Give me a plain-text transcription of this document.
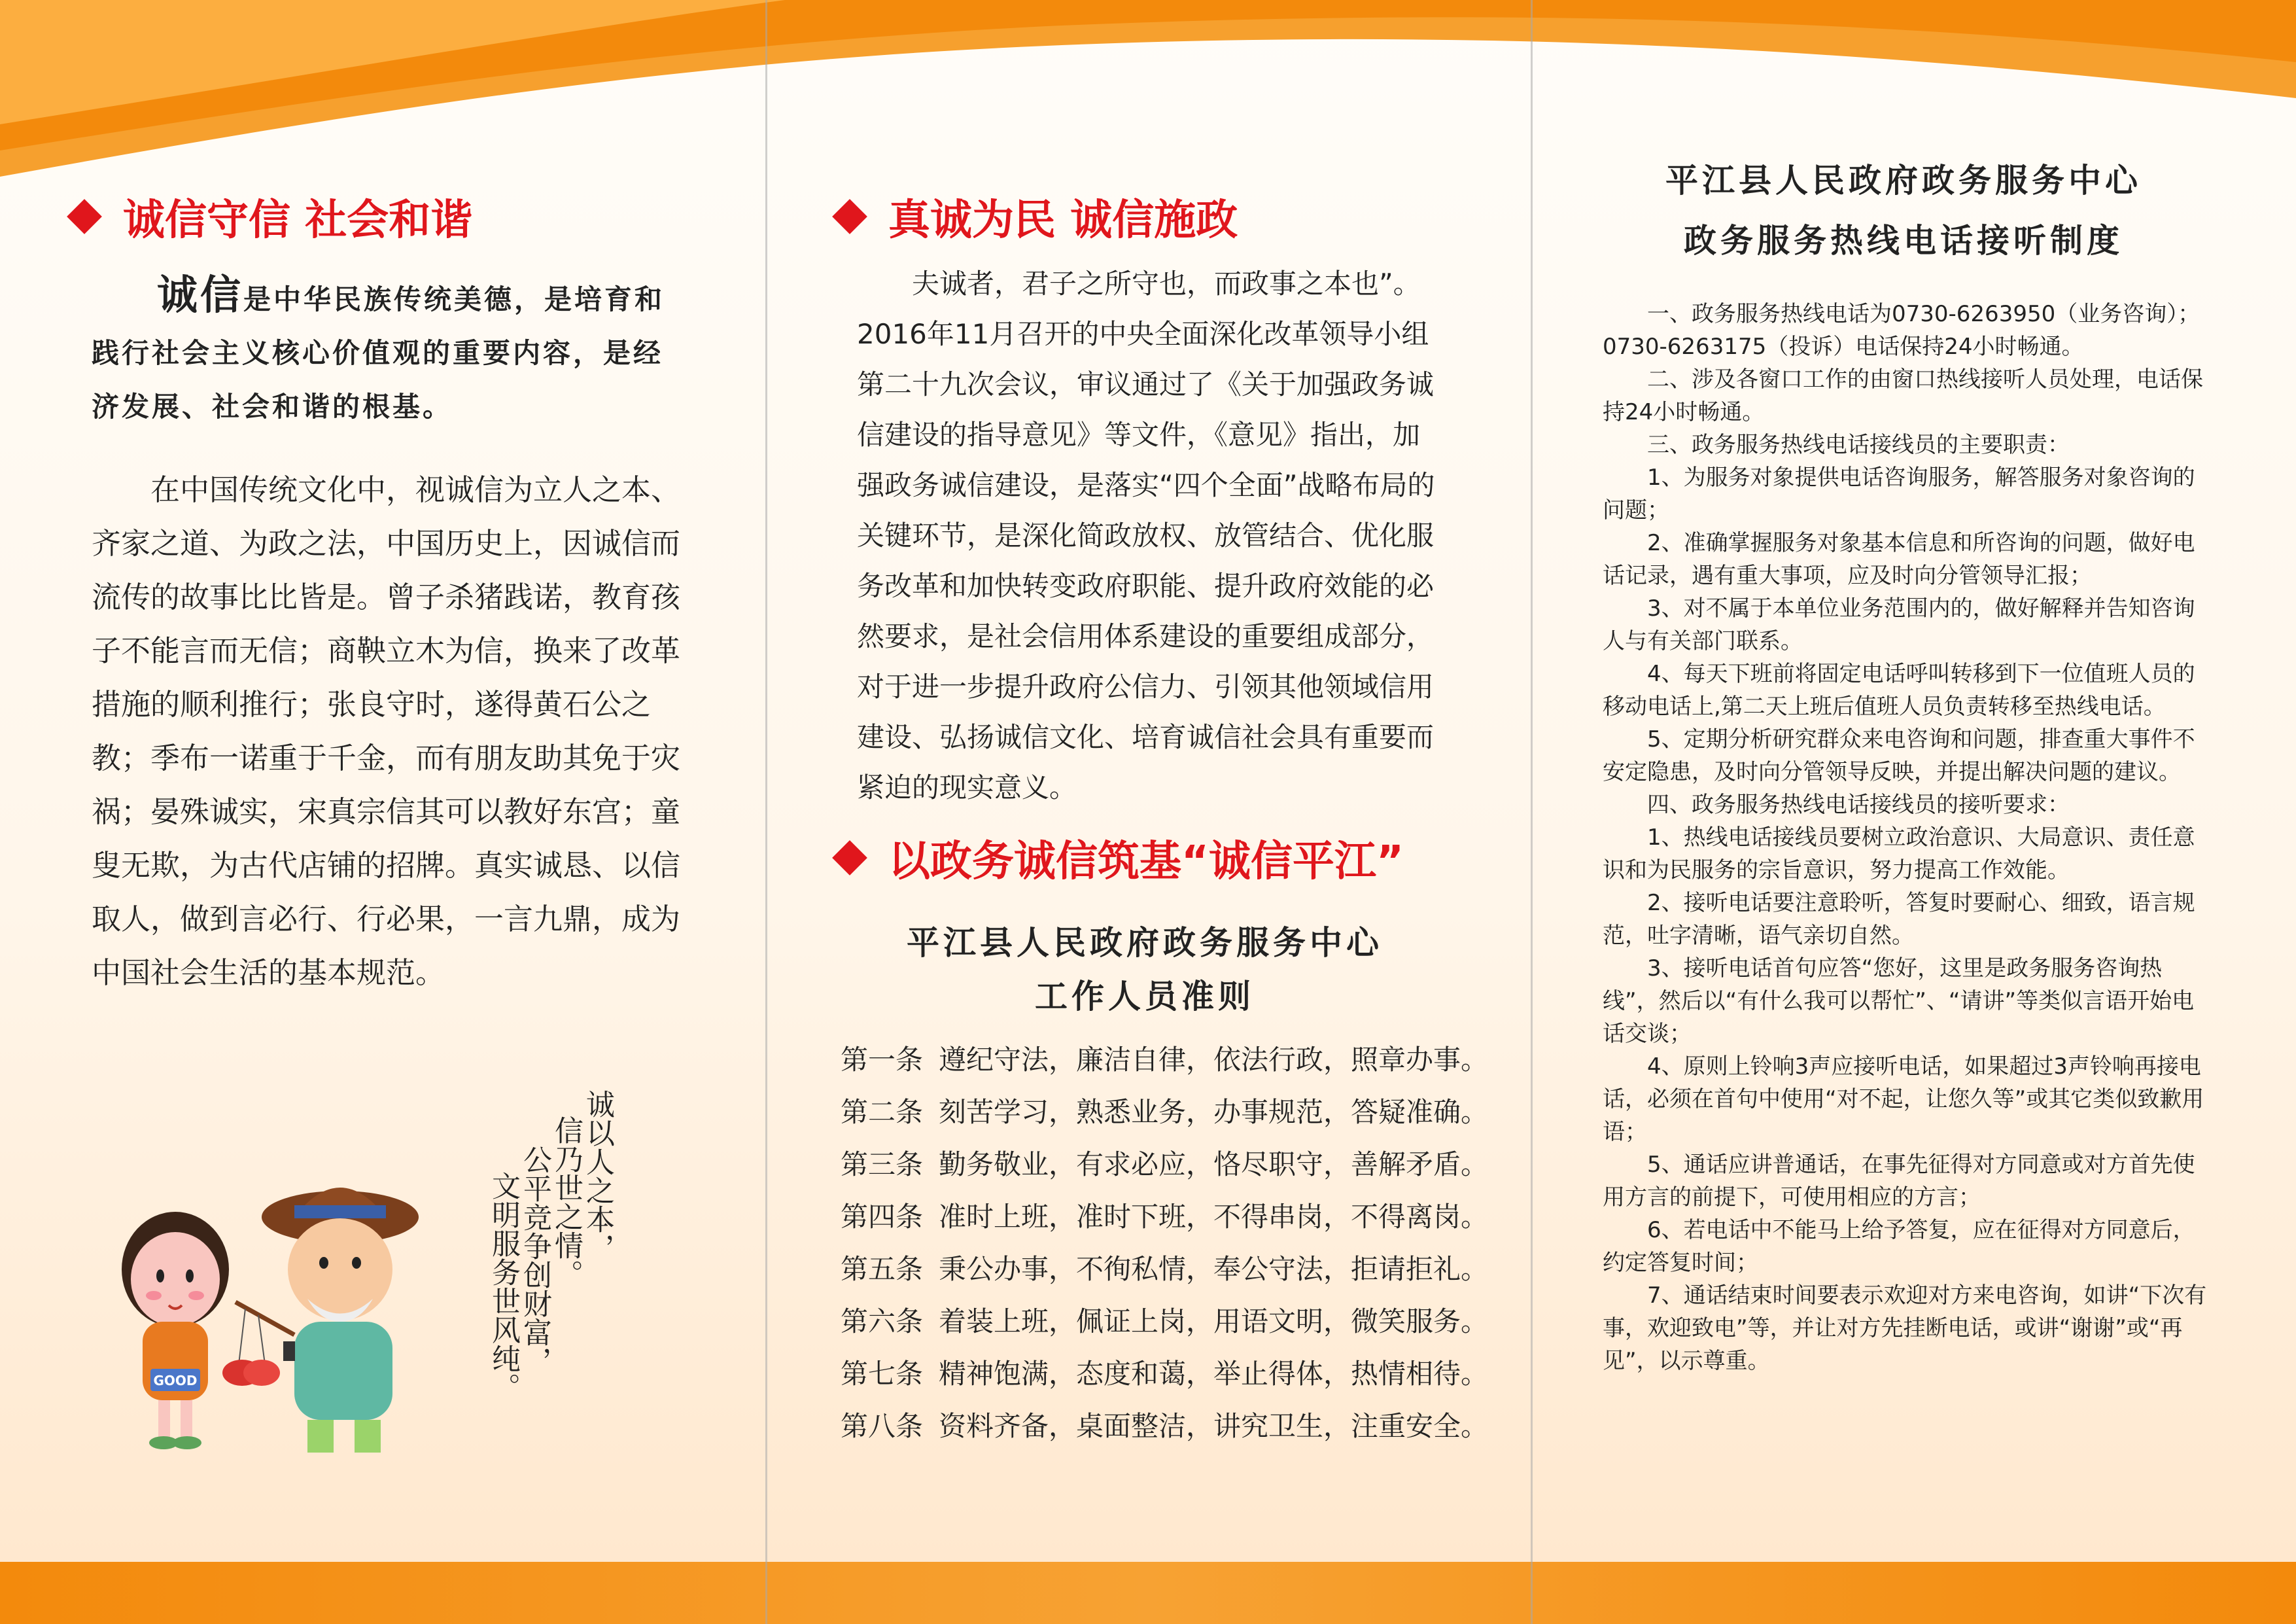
诚信守信 社会和谐
诚信是中华民族传统美德，是培育和践行社会主义核心价值观的重要内容，是经济发展、社会和谐的根基。

在中国传统文化中，视诚信为立人之本、齐家之道、为政之法，中国历史上，因诚信而流传的故事比比皆是。曾子杀猪践诺，教育孩子不能言而无信；商鞅立木为信，换来了改革措施的顺利推行；张良守时，遂得黄石公之教；季布一诺重于千金，而有朋友助其免于灾祸；晏殊诚实，宋真宗信其可以教好东宫；童叟无欺，为古代店铺的招牌。真实诚恳、以信取人，做到言必行、行必果，一言九鼎，成为中国社会生活的基本规范。

GOOD
诚以人之本，
信乃世之情。
公平竞争创财富，
文明服务世风纯。
真诚为民 诚信施政

夫诚者，君子之所守也，而政事之本也”。2016年11月召开的中央全面深化改革领导小组第二十九次会议，审议通过了《关于加强政务诚信建设的指导意见》等文件，《意见》指出，加强政务诚信建设，是落实“四个全面”战略布局的关键环节，是深化简政放权、放管结合、优化服务改革和加快转变政府职能、提升政府效能的必然要求，是社会信用体系建设的重要组成部分，对于进一步提升政府公信力、引领其他领域信用建设、弘扬诚信文化、培育诚信社会具有重要而紧迫的现实意义。

以政务诚信筑基“诚信平江”
平江县人民政府政务服务中心
工作人员准则
第一条 遵纪守法，廉洁自律，依法行政，照章办事。
第二条 刻苦学习，熟悉业务，办事规范，答疑准确。
第三条 勤务敬业，有求必应，恪尽职守，善解矛盾。
第四条 准时上班，准时下班，不得串岗，不得离岗。
第五条 秉公办事，不徇私情，奉公守法，拒请拒礼。
第六条 着装上班，佩证上岗，用语文明，微笑服务。
第七条 精神饱满，态度和蔼，举止得体，热情相待。
第八条 资料齐备，桌面整洁，讲究卫生，注重安全。
平江县人民政府政务服务中心
政务服务热线电话接听制度

一、政务服务热线电话为0730-6263950（业务咨询）；0730-6263175（投诉）电话保持24小时畅通。

二、涉及各窗口工作的由窗口热线接听人员处理，电话保持24小时畅通。

三、政务服务热线电话接线员的主要职责：

1、为服务对象提供电话咨询服务，解答服务对象咨询的问题；

2、准确掌握服务对象基本信息和所咨询的问题，做好电话记录，遇有重大事项，应及时向分管领导汇报；

3、对不属于本单位业务范围内的，做好解释并告知咨询人与有关部门联系。

4、每天下班前将固定电话呼叫转移到下一位值班人员的移动电话上,第二天上班后值班人员负责转移至热线电话。

5、定期分析研究群众来电咨询和问题，排查重大事件不安定隐患，及时向分管领导反映，并提出解决问题的建议。

四、政务服务热线电话接线员的接听要求：

1、热线电话接线员要树立政治意识、大局意识、责任意识和为民服务的宗旨意识，努力提高工作效能。

2、接听电话要注意聆听，答复时要耐心、细致，语言规范，吐字清晰，语气亲切自然。

3、接听电话首句应答“您好，这里是政务服务咨询热线”，然后以“有什么我可以帮忙”、“请讲”等类似言语开始电话交谈；

4、原则上铃响3声应接听电话，如果超过3声铃响再接电话，必须在首句中使用“对不起，让您久等”或其它类似致歉用语；

5、通话应讲普通话，在事先征得对方同意或对方首先使用方言的前提下，可使用相应的方言；

6、若电话中不能马上给予答复，应在征得对方同意后，约定答复时间；

7、通话结束时间要表示欢迎对方来电咨询，如讲“下次有事，欢迎致电”等，并让对方先挂断电话，或讲“谢谢”或“再见”，以示尊重。
